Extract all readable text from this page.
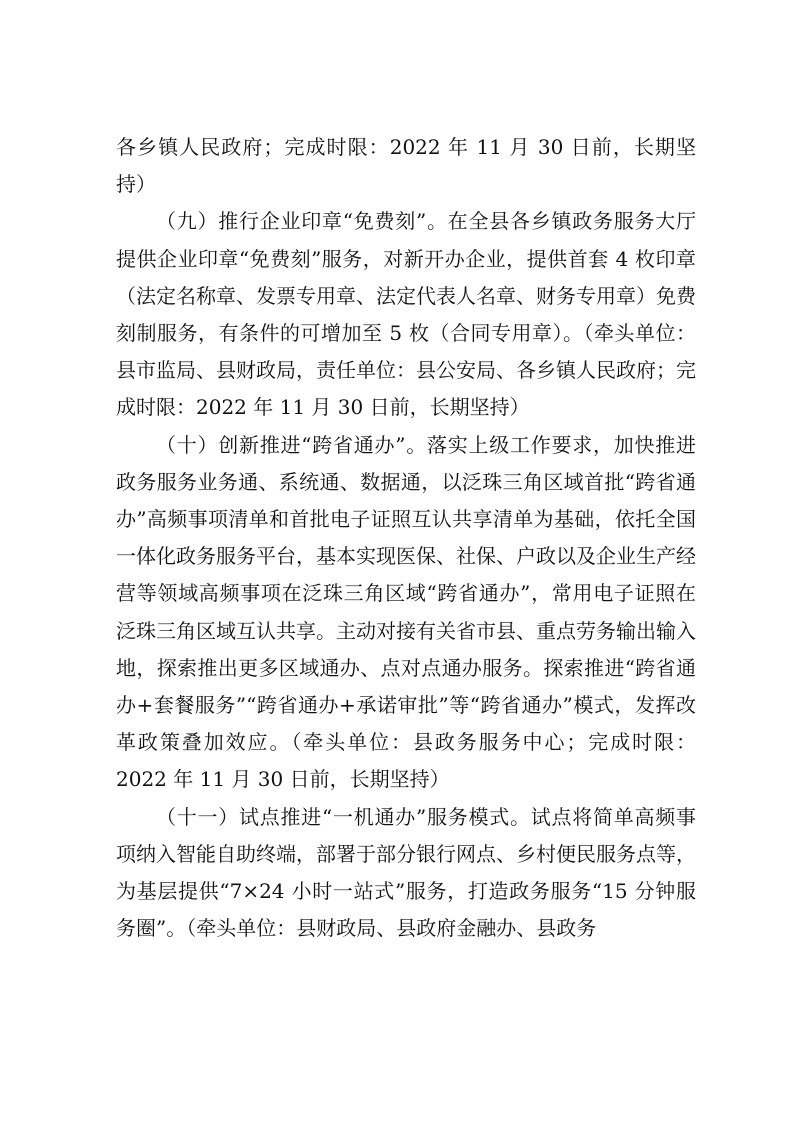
各乡镇人民政府；完成时限：2022 年 11 月 30 日前，长期坚持）

（九）推行企业印章“免费刻”。在全县各乡镇政务服务大厅提供企业印章“免费刻”服务，对新开办企业，提供首套 4 枚印章（法定名称章、发票专用章、法定代表人名章、财务专用章）免费刻制服务，有条件的可增加至 5 枚（合同专用章）。（牵头单位：县市监局、县财政局，责任单位：县公安局、各乡镇人民政府；完成时限：2022 年 11 月 30 日前，长期坚持）

（十）创新推进“跨省通办”。落实上级工作要求，加快推进政务服务业务通、系统通、数据通，以泛珠三角区域首批“跨省通办”高频事项清单和首批电子证照互认共享清单为基础，依托全国一体化政务服务平台，基本实现医保、社保、户政以及企业生产经营等领域高频事项在泛珠三角区域“跨省通办”，常用电子证照在泛珠三角区域互认共享。主动对接有关省市县、重点劳务输出输入地，探索推出更多区域通办、点对点通办服务。探索推进“跨省通办+套餐服务”“跨省通办+承诺审批”等“跨省通办”模式，发挥改革政策叠加效应。（牵头单位：县政务服务中心；完成时限：2022 年 11 月 30 日前，长期坚持）

（十一）试点推进“一机通办”服务模式。试点将简单高频事项纳入智能自助终端，部署于部分银行网点、乡村便民服务点等，为基层提供“7×24 小时一站式”服务，打造政务服务“15 分钟服务圈”。（牵头单位：县财政局、县政府金融办、县政务
